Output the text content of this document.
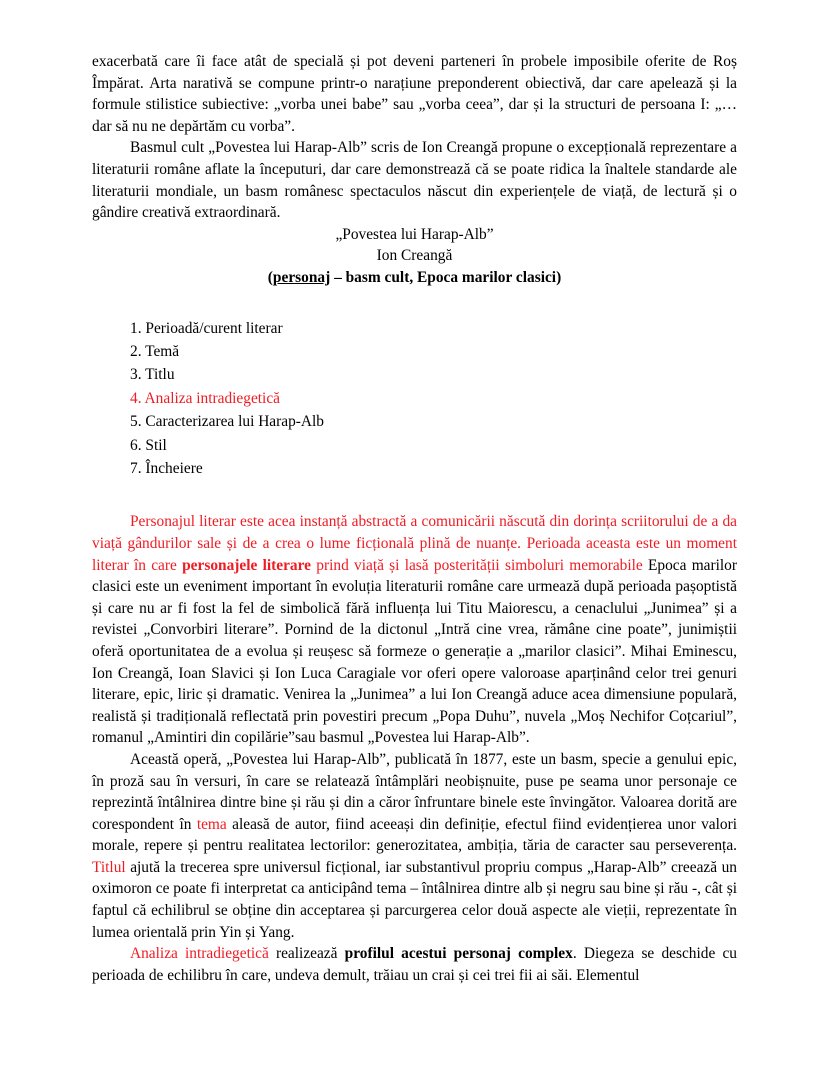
exacerbată care îi face atât de specială și pot deveni parteneri în probele imposibile oferite de Roș Împărat. Arta narativă se compune printr-o narațiune preponderent obiectivă, dar care apelează și la formule stilistice subiective: „vorba unei babe” sau „vorba ceea”, dar și la structuri de persoana I: „… dar să nu ne depărtăm cu vorba”.

Basmul cult „Povestea lui Harap-Alb” scris de Ion Creangă propune o excepțională reprezentare a literaturii române aflate la începuturi, dar care demonstrează că se poate ridica la înaltele standarde ale literaturii mondiale, un basm românesc spectaculos născut din experiențele de viață, de lectură și o gândire creativă extraordinară.

„Povestea lui Harap-Alb”
Ion Creangă
(personaj – basm cult, Epoca marilor clasici)
1. Perioadă/curent literar
2. Temă
3. Titlu
4. Analiza intradiegetică
5. Caracterizarea lui Harap-Alb
6. Stil
7. Încheiere

Personajul literar este acea instanță abstractă a comunicării născută din dorința scriitorului de a da viață gândurilor sale și de a crea o lume ficțională plină de nuanțe. Perioada aceasta este un moment literar în care personajele literare prind viață și lasă posterității simboluri memorabile Epoca marilor clasici este un eveniment important în evoluția literaturii române care urmează după perioada pașoptistă și care nu ar fi fost la fel de simbolică fără influența lui Titu Maiorescu, a cenaclului „Junimea” și a revistei „Convorbiri literare”. Pornind de la dictonul „Intră cine vrea, rămâne cine poate”, junimiștii oferă oportunitatea de a evolua și reușesc să formeze o generație a „marilor clasici”. Mihai Eminescu, Ion Creangă, Ioan Slavici și Ion Luca Caragiale vor oferi opere valoroase aparținând celor trei genuri literare, epic, liric și dramatic. Venirea la „Junimea” a lui Ion Creangă aduce acea dimensiune populară, realistă și tradițională reflectată prin povestiri precum „Popa Duhu”, nuvela „Moș Nechifor Coțcariul”, romanul „Amintiri din copilărie”sau basmul „Povestea lui Harap-Alb”.

Această operă, „Povestea lui Harap-Alb”, publicată în 1877, este un basm, specie a genului epic, în proză sau în versuri, în care se relatează întâmplări neobișnuite, puse pe seama unor personaje ce reprezintă întâlnirea dintre bine și rău și din a căror înfruntare binele este învingător. Valoarea dorită are corespondent în tema aleasă de autor, fiind aceeași din definiție, efectul fiind evidențierea unor valori morale, repere și pentru realitatea lectorilor: generozitatea, ambiția, tăria de caracter sau perseverența. Titlul ajută la trecerea spre universul ficțional, iar substantivul propriu compus „Harap-Alb” creează un oximoron ce poate fi interpretat ca anticipând tema – întâlnirea dintre alb și negru sau bine și rău -, cât și faptul că echilibrul se obține din acceptarea și parcurgerea celor două aspecte ale vieții, reprezentate în lumea orientală prin Yin și Yang.

Analiza intradiegetică realizează profilul acestui personaj complex. Diegeza se deschide cu perioada de echilibru în care, undeva demult, trăiau un crai și cei trei fii ai săi. Elementul
